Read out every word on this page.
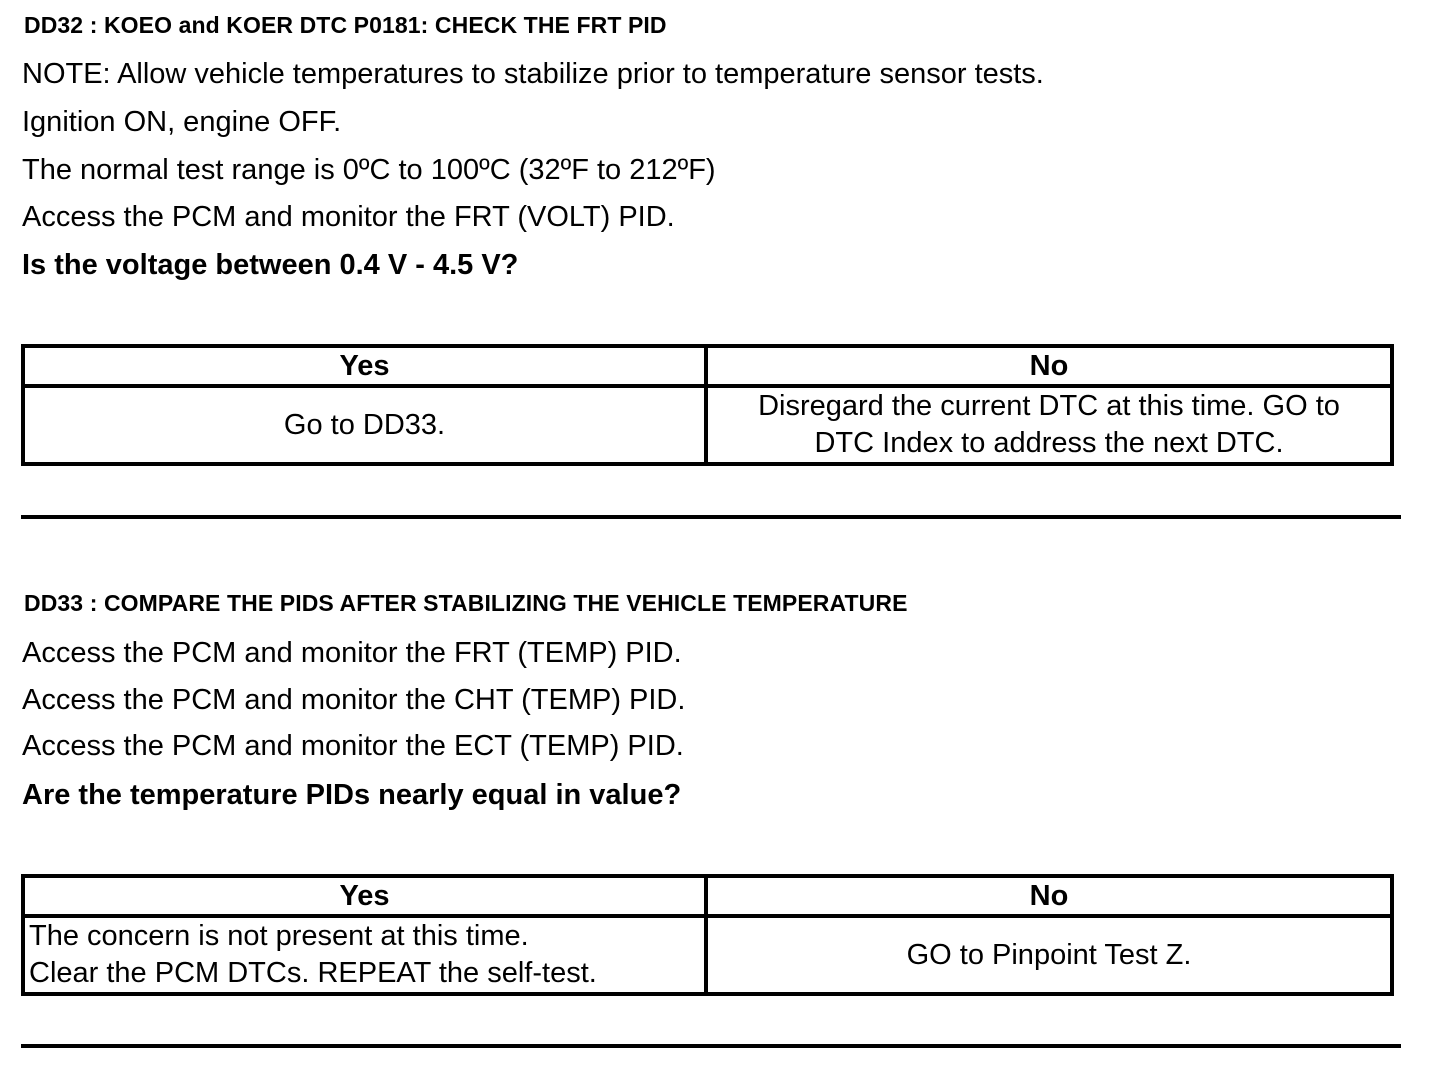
DD32 : KOEO and KOER DTC P0181: CHECK THE FRT PID
NOTE: Allow vehicle temperatures to stabilize prior to temperature sensor tests.
Ignition ON, engine OFF.
The normal test range is 0ºC to 100ºC (32ºF to 212ºF)
Access the PCM and monitor the FRT (VOLT) PID.
Is the voltage between 0.4 V - 4.5 V?
Yes	No
Go to DD33.	Disregard the current DTC at this time. GO to
DTC Index to address the next DTC.
DD33 : COMPARE THE PIDS AFTER STABILIZING THE VEHICLE TEMPERATURE
Access the PCM and monitor the FRT (TEMP) PID.
Access the PCM and monitor the CHT (TEMP) PID.
Access the PCM and monitor the ECT (TEMP) PID.
Are the temperature PIDs nearly equal in value?
Yes	No
The concern is not present at this time.
Clear the PCM DTCs. REPEAT the self-test.	GO to Pinpoint Test Z.
